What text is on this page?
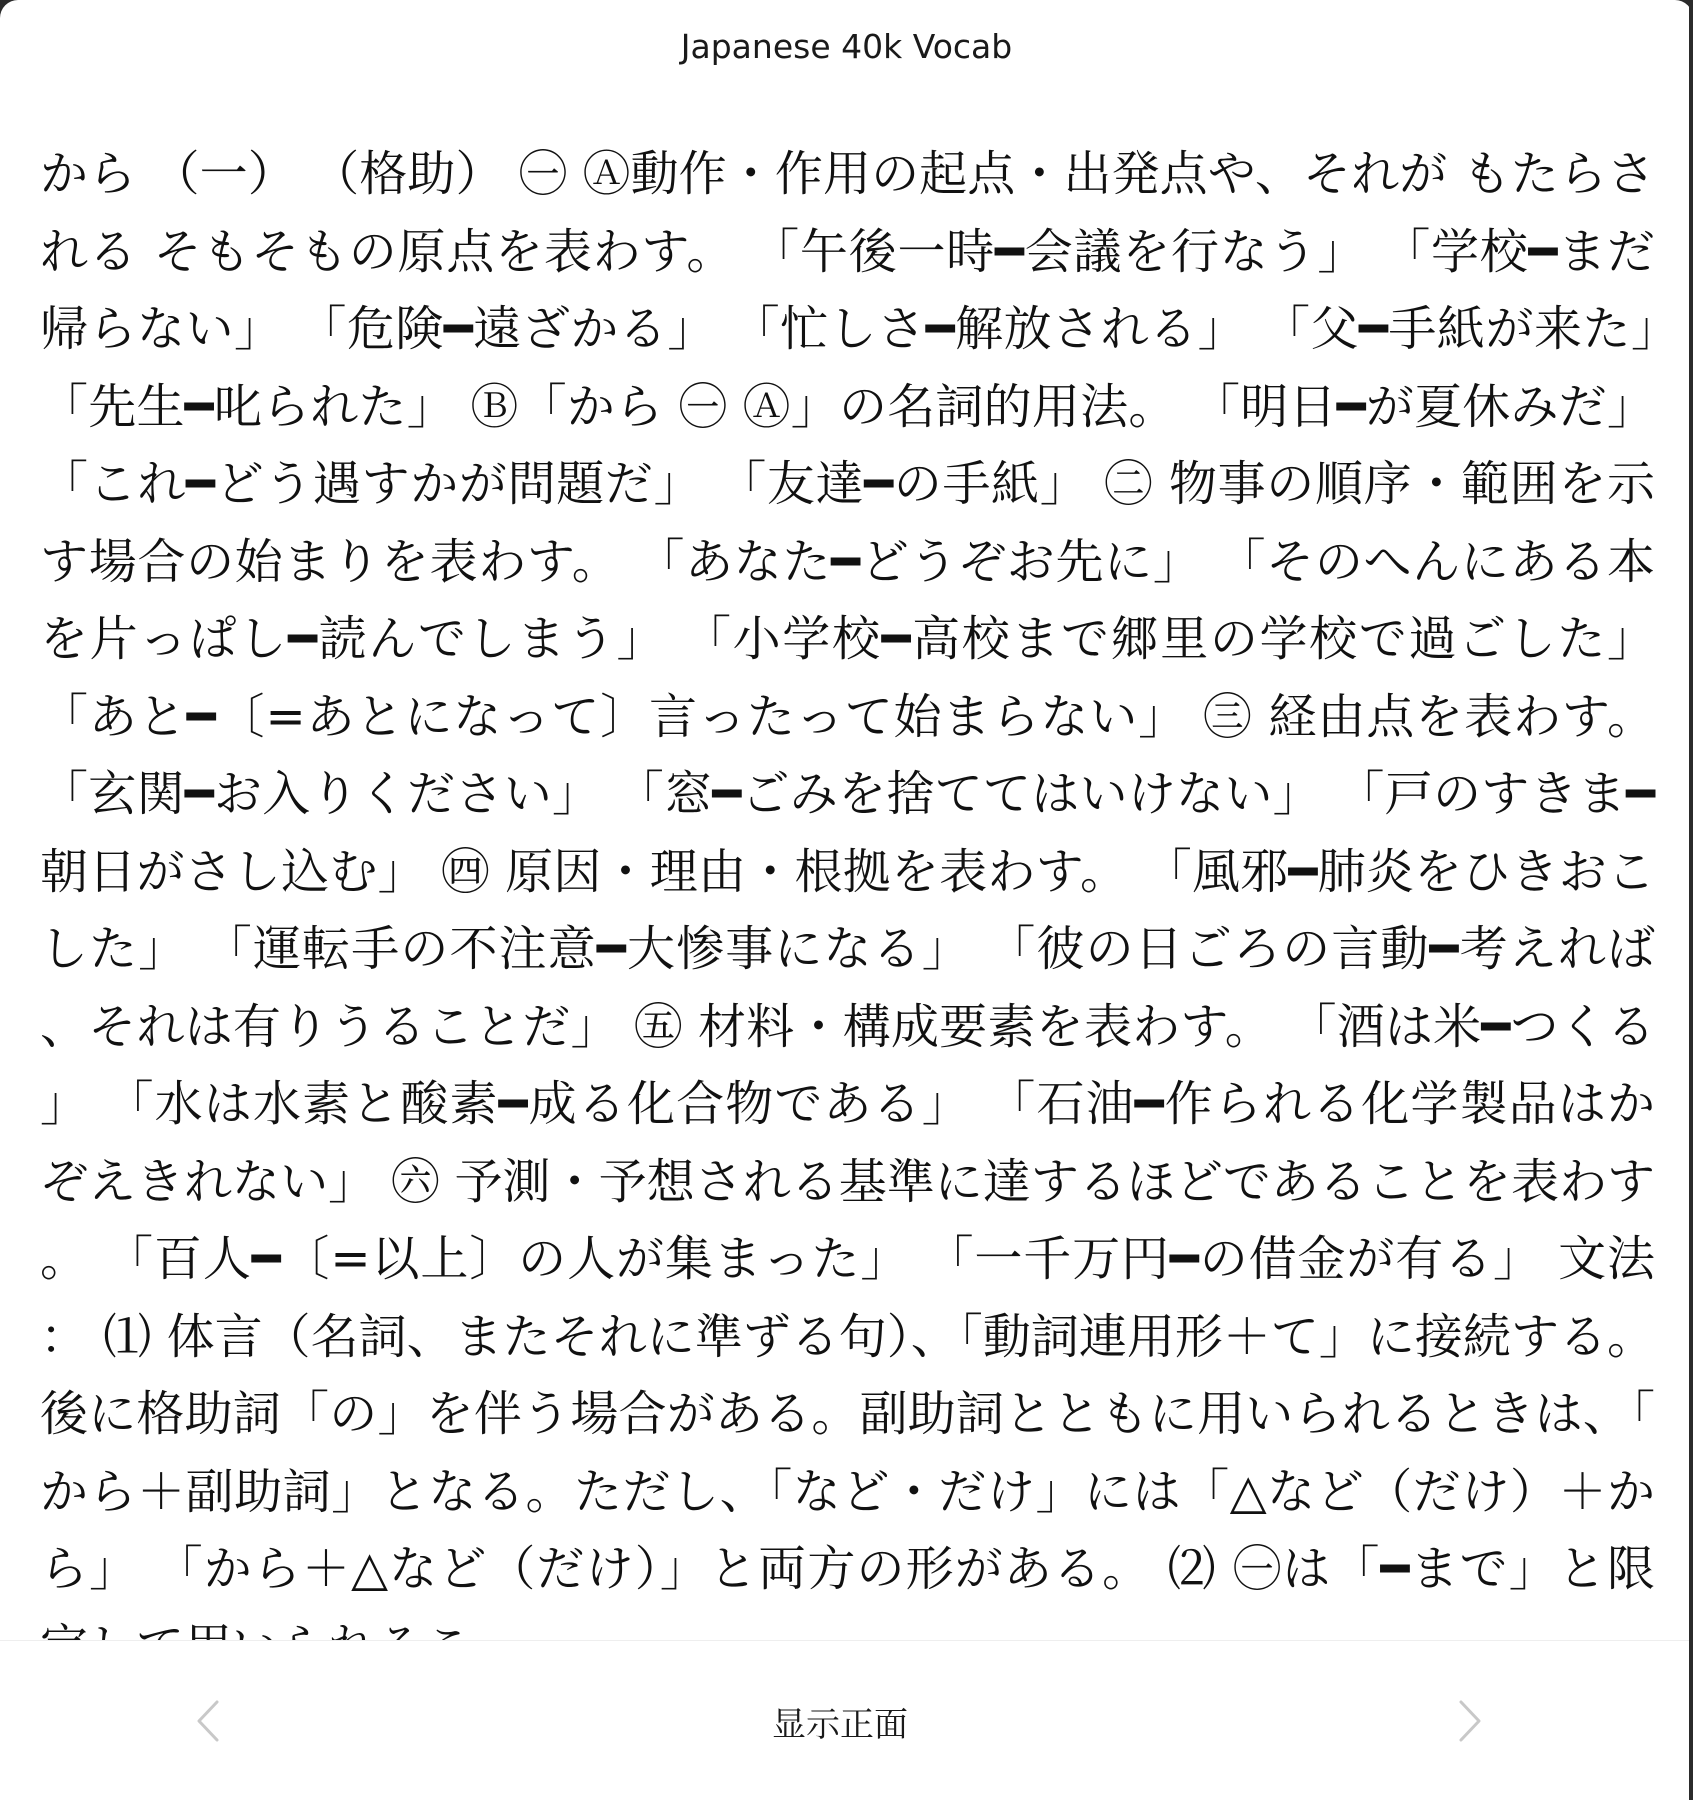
Japanese 40k Vocab

から （一） （格助） ㊀ Ⓐ動作・作用の起点・出発点や、それが もたらされる そもそもの原点を表わす。 「午後一時━会議を行なう」 「学校━まだ帰らない」 「危険━遠ざかる」 「忙しさ━解放される」 「父━手紙が来た」 「先生━叱られた」 Ⓑ「から ㊀ Ⓐ」の名詞的用法。 「明日━が夏休みだ」 「これ━どう遇すかが問題だ」 「友達━の手紙」 ㊁ 物事の順序・範囲を示す場合の始まりを表わす。 「あなた━どうぞお先に」 「そのへんにある本を片っぱし━読んでしまう」 「小学校━高校まで郷里の学校で過ごした」 「あと━〔=あとになって〕言ったって始まらない」 ㊂ 経由点を表わす。 「玄関━お入りください」 「窓━ごみを捨ててはいけない」 「戸のすきま━朝日がさし込む」 ㊃ 原因・理由・根拠を表わす。 「風邪━肺炎をひきおこした」 「運転手の不注意━大惨事になる」 「彼の日ごろの言動━考えれば、それは有りうることだ」 ㊄ 材料・構成要素を表わす。 「酒は米━つくる」 「水は水素と酸素━成る化合物である」 「石油━作られる化学製品はかぞえきれない」 ㊅ 予測・予想される基準に達するほどであることを表わす。 「百人━〔=以上〕の人が集まった」 「一千万円━の借金が有る」 文法： ⑴ 体言（名詞、またそれに準ずる句）、「動詞連用形＋て」に接続する。後に格助詞「の」を伴う場合がある。副助詞とともに用いられるときは、「から＋副助詞」となる。ただし、「など・だけ」には「△など（だけ）＋から」 「から＋△など（だけ）」と両方の形がある。 ⑵ ㊀は「━まで」と限

显示正面
